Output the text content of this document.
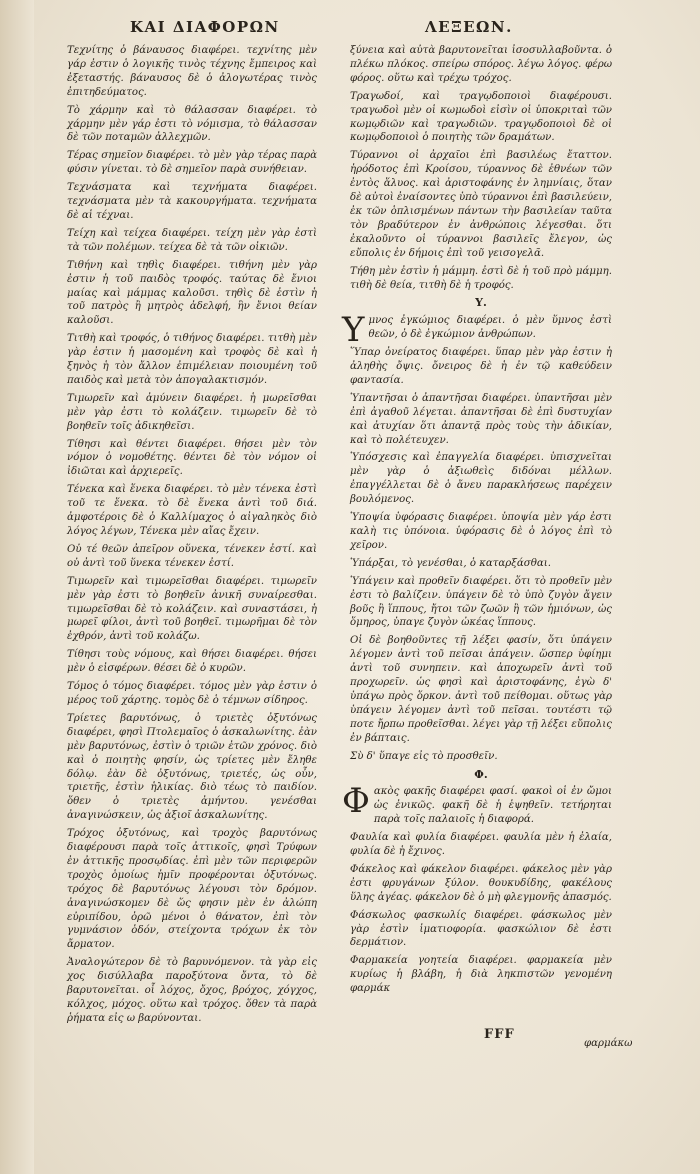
ΚΑΙ ΔΙΑΦΟΡΩΝ	ΛΕΞΕΩΝ.

Τεχνίτης ὁ βάναυσος διαφέρει. τεχνίτης μὲν γάρ ἐστιν ὁ λογικῆς τινὸς τέχνης ἔμπειρος καὶ ἐξεταστής. βάναυσος δὲ ὁ ἀλογωτέρας τινὸς ἐπιτηδεύματος.

Τὸ χάρμην καὶ τὸ θάλασσαν διαφέρει. τὸ χάρμην μὲν γάρ ἐστι τὸ νόμισμα, τὸ θάλασσαν δὲ τῶν ποταμῶν ἀλλεχμῶν.

Τέρας σημεῖον διαφέρει. τὸ μὲν γὰρ τέρας παρὰ φύσιν γίνεται. τὸ δὲ σημεῖον παρὰ συνήθειαν.

Τεχνάσματα καὶ τεχνήματα διαφέρει. τεχνάσματα μὲν τὰ κακουργήματα. τεχνήματα δὲ αἱ τέχναι.

Τείχη καὶ τείχεα διαφέρει. τείχη μὲν γὰρ ἐστὶ τὰ τῶν πολέμων. τείχεα δὲ τὰ τῶν οἰκιῶν.

Τιθήνη καὶ τηθὶς διαφέρει. τιθήνη μὲν γὰρ ἐστιν ἡ τοῦ παιδὸς τροφός. ταύτας δὲ ἔνιοι μαίας καὶ μάμμας καλοῦσι. τηθὶς δὲ ἐστὶν ἡ τοῦ πατρὸς ἢ μητρὸς ἀδελφή, ἣν ἔνιοι θείαν καλοῦσι.

Τιτθὴ καὶ τροφός, ὁ τιθήνος διαφέρει. τιτθὴ μὲν γὰρ ἐστιν ἡ μασομένη καὶ τροφὸς δὲ καὶ ἡ ξηνὸς ἡ τὸν ἄλλον ἐπιμέλειαν ποιουμένη τοῦ παιδὸς καὶ μετὰ τὸν ἀπογαλακτισμόν.

Τιμωρεῖν καὶ ἀμύνειν διαφέρει. ἡ μωρεῖσθαι μὲν γὰρ ἐστι τὸ κολάζειν. τιμωρεῖν δὲ τὸ βοηθεῖν τοῖς ἀδικηθεῖσι.

Τίθησι καὶ θέντει διαφέρει. θήσει μὲν τὸν νόμον ὁ νομοθέτης. θέντει δὲ τὸν νόμον οἱ ἰδιῶται καὶ ἀρχιερεῖς.

Τένεκα καὶ ἕνεκα διαφέρει. τὸ μὲν τένεκα ἐστὶ τοῦ τε ἕνεκα. τὸ δὲ ἕνεκα ἀντὶ τοῦ διά. ἀμφοτέροις δὲ ὁ Καλλίμαχος ὁ αἰγαληκὸς διὸ λόγος λέγων, Τένεκα μὲν αἴας ἔχειν.

Οὐ τέ θεῶν ἀπεῖρον οὕνεκα, τένεκεν ἐστί. καὶ οὐ ἀντὶ τοῦ ὕνεκα τένεκεν ἐστί.

Τιμωρεῖν καὶ τιμωρεῖσθαι διαφέρει. τιμωρεῖν μὲν γὰρ ἐστι τὸ βοηθεῖν ἀνικῆ συναίρεσθαι. τιμωρεῖσθαι δὲ τὸ κολάζειν. καὶ συναστάσει, ἡ μωρεῖ φίλοι, ἀντὶ τοῦ βοηθεῖ. τιμωρῆμαι δὲ τὸν ἐχθρόν, ἀντὶ τοῦ κολάζω.

Τίθησι τοὺς νόμους, καὶ θήσει διαφέρει. θήσει μὲν ὁ εἰσφέρων. θέσει δὲ ὁ κυρῶν.

Τόμος ὁ τόμος διαφέρει. τόμος μὲν γὰρ ἐστιν ὁ μέρος τοῦ χάρτης. τομὸς δὲ ὁ τέμνων σίδηρος.

Τρίετες βαρυτόνως, ὁ τριετὲς ὀξυτόνως διαφέρει, φησὶ Πτολεμαῖος ὁ ἀσκαλωνίτης. ἐὰν μὲν βαρυτόνως, ἐστὶν ὁ τριῶν ἐτῶν χρόνος. διὸ καὶ ὁ ποιητὴς φησίν, ὡς τρίετες μὲν ἔληθε δόλῳ. ἐὰν δὲ ὀξυτόνως, τριετές, ὡς οὖν, τριετῆς, ἐστὶν ἡλικίας. διὸ τέως τὸ παιδίον. ὅθεν ὁ τριετὲς ἀμήντου. γενέσθαι ἀναγινώσκειν, ὡς ἀξιοῖ ἀσκαλωνίτης.

Τρόχος ὀξυτόνως, καὶ τροχὸς βαρυτόνως διαφέρουσι παρὰ τοῖς ἀττικοῖς, φησὶ Τρύφων ἐν ἀττικῆς προσῳδίας. ἐπὶ μὲν τῶν περιφερῶν τροχὸς ὁμοίως ἡμῖν προφέρονται ὀξυτόνως. τρόχος δὲ βαρυτόνως λέγουσι τὸν δρόμον. ἀναγινώσκομεν δὲ ὥς φησιν μὲν ἐν ἀλώπη εὐριπίδου, ὁρῶ μένοι ὁ θάνατον, ἐπὶ τὸν γυμνάσιον ὁδόν, στείχοντα τρόχων ἐκ τὸν ἄρματον.

Ἀναλογώτερον δὲ τὸ βαρυνόμενον. τὰ γὰρ εἰς χος δισύλλαβα παροξύτονα ὄντα, τὸ δὲ βαρυτονεῖται. οἷ λόχος, ὄχος, βρόχος, χόγχος, κόλχος, μόχος. οὕτω καὶ τρόχος. ὅθεν τὰ παρὰ ῥήματα εἰς ω βαρύνονται.

ξύνεια καὶ αὐτὰ βαρυτονεῖται ἰσοσυλλαβοῦντα. ὁ πλέκω πλόκος. σπείρω σπόρος. λέγω λόγος. φέρω φόρος. οὕτω καὶ τρέχω τρόχος.

Τραγωδοί, καὶ τραγῳδοποιοὶ διαφέρουσι. τραγωδοὶ μὲν οἱ κωμωδοὶ εἰσὶν οἱ ὑποκριταὶ τῶν κωμῳδιῶν καὶ τραγωδιῶν. τραγῳδοποιοὶ δὲ οἱ κωμῳδοποιοὶ ὁ ποιητὴς τῶν δραμάτων.

Τύραννοι οἱ ἀρχαῖοι ἐπὶ βασιλέως ἔταττον. ἡρόδοτος ἐπὶ Κροίσου, τύραννος δὲ ἐθνέων τῶν ἐντὸς ἅλυος. καὶ ἀριστοφάνης ἐν λημνίαις, ὅταν δὲ αὐτοὶ ἐναίσοντες ὑπὸ τύραννοι ἐπὶ βασιλεύειν, ἐκ τῶν ὁπλισμένων πάντων τὴν βασιλείαν ταῦτα τὸν βραδύτερον ἐν ἀνθρώποις λέγεσθαι. ὅτι ἐκαλοῦντο οἱ τύραννοι βασιλεῖς ἔλεγον, ὡς εὔπολις ἐν δήμοις ἐπὶ τοῦ γεισογελᾶ.

Τήθη μὲν ἐστὶν ἡ μάμμη. ἐστὶ δὲ ἡ τοῦ πρὸ μάμμη. τιθὴ δὲ θεία, τιτθὴ δὲ ἡ τροφός.

Υ.

Υμνος ἐγκώμιος διαφέρει. ὁ μὲν ὕμνος ἐστὶ θεῶν, ὁ δὲ ἐγκώμιον ἀνθρώπων.

Ὕπαρ ὀνείρατος διαφέρει. ὕπαρ μὲν γὰρ ἐστιν ἡ ἀληθὴς ὄψις. ὄνειρος δὲ ἡ ἐν τῷ καθεύδειν φαντασία.

Ὑπαντῆσαι ὁ ἀπαντῆσαι διαφέρει. ὑπαντῆσαι μὲν ἐπὶ ἀγαθοῦ λέγεται. ἀπαντῆσαι δὲ ἐπὶ δυστυχίαν καὶ ἀτυχίαν ὅτι ἀπαντᾷ πρὸς τοὺς τὴν ἀδικίαν, καὶ τὸ πολέτευχεν.

Ὑπόσχεσις καὶ ἐπαγγελία διαφέρει. ὑπισχνεῖται μὲν γὰρ ὁ ἀξιωθεὶς διδόναι μέλλων. ἐπαγγέλλεται δὲ ὁ ἄνευ παρακλήσεως παρέχειν βουλόμενος.

Ὑποψία ὑφόρασις διαφέρει. ὑποψία μὲν γάρ ἐστι καλὴ τις ὑπόνοια. ὑφόρασις δὲ ὁ λόγος ἐπὶ τὸ χεῖρον.

Ὑπάρξαι, τὸ γενέσθαι, ὁ καταρξάσθαι.

Ὑπάγειν καὶ προθεῖν διαφέρει. ὅτι τὸ προθεῖν μὲν ἐστι τὸ βαλίζειν. ὑπάγειν δὲ τὸ ὑπὸ ζυγὸν ἄγειν βοῦς ἢ ἵππους, ἤτοι τῶν ζωῶν ἢ τῶν ἡμιόνων, ὡς ὅμηρος, ὑπαγε ζυγὸν ὠκέας ἵππους.

Οἱ δὲ βοηθοῦντες τῇ λέξει φασίν, ὅτι ὑπάγειν λέγομεν ἀντὶ τοῦ πεῖσαι ἀπάγειν. ὥσπερ ὑφίημι ἀντὶ τοῦ συνηπειν. καὶ ἀποχωρεῖν ἀντὶ τοῦ προχωρεῖν. ὡς φησὶ καὶ ἀριστοφάνης, ἐγὼ δ' ὑπάγω πρὸς ὅρκον. ἀντὶ τοῦ πείθομαι. οὕτως γὰρ ὑπάγειν λέγομεν ἀντὶ τοῦ πεῖσαι. τουτέστι τῷ ποτε ἤρπω προθεῖσθαι. λέγει γὰρ τῇ λέξει εὔπολις ἐν βάπταις.

Σὺ δ' ὕπαγε εἰς τὸ προσθεῖν.

Φ.

Φακὸς φακῆς διαφέρει φασί. φακοὶ οἱ ἐν ὤμοι ὡς ἐνικῶς. φακῆ δὲ ἡ ἑψηθεῖν. τετήρηται παρὰ τοῖς παλαιοῖς ἡ διαφορά.

Φαυλία καὶ φυλία διαφέρει. φαυλία μὲν ἡ ἐλαία, φυλία δὲ ἡ ἔχινος.

Φάκελος καὶ φάκελον διαφέρει. φάκελος μὲν γὰρ ἐστι φρυγάνων ξύλον. θουκυδίδης, φακέλους ὕλης ἀγέας. φάκελον δὲ ὁ μὴ φλεγμονῆς ἀπασμός.

Φάσκωλος φασκωλίς διαφέρει. φάσκωλος μὲν γὰρ ἐστὶν ἱματιοφορία. φασκώλιον δὲ ἐστι δερμάτιον.

Φαρμακεία γοητεία διαφέρει. φαρμακεία μὲν κυρίως ἡ βλάβη, ἡ διὰ ληκπιστῶν γενομένη φαρμάκ

FFF
φαρμάκω
